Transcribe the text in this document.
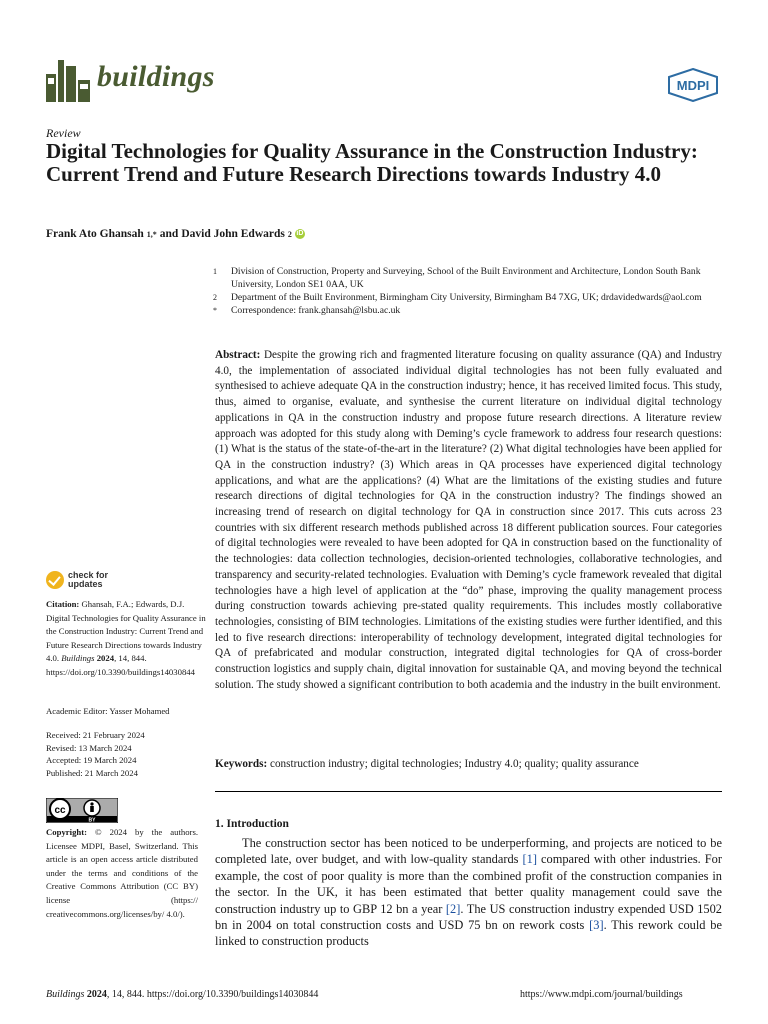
buildings	MDPI
Review
Digital Technologies for Quality Assurance in the Construction Industry: Current Trend and Future Research Directions towards Industry 4.0
Frank Ato Ghansah 1,* and David John Edwards 2 iD
1	Division of Construction, Property and Surveying, School of the Built Environment and Architecture, London South Bank University, London SE1 0AA, UK
2	Department of the Built Environment, Birmingham City University, Birmingham B4 7XG, UK; drdavidedwards@aol.com
*	Correspondence: frank.ghansah@lsbu.ac.uk
Abstract: Despite the growing rich and fragmented literature focusing on quality assurance (QA) and Industry 4.0, the implementation of associated individual digital technologies has not been fully evaluated and synthesised to achieve adequate QA in the construction industry; hence, it has received limited focus. This study, thus, aimed to organise, evaluate, and synthesise the current literature on individual digital technology applications in QA in the construction industry and propose future research directions. A literature review approach was adopted for this study along with Deming’s cycle framework to address four research questions: (1) What is the status of the state-of-the-art in the literature? (2) What digital technologies have been applied for QA in the construction industry? (3) Which areas in QA processes have experienced digital technology applications, and what are the applications? (4) What are the limitations of the existing studies and future research directions of digital technologies for QA in the construction industry? The findings showed an increasing trend of research on digital technology for QA in construction since 2017. This cuts across 23 countries with six different research methods published across 18 different publication sources. Four categories of digital technologies were revealed to have been adopted for QA in construction based on the functionality of the technologies: data collection technologies, decision-oriented technologies, collaborative technologies, and transparency and security-related technologies. Evaluation with Deming’s cycle framework revealed that digital technologies have a high level of application at the “do” phase, improving the quality management process during construction towards achieving pre-stated quality requirements. This includes mostly collaborative technologies, consisting of BIM technologies. Limitations of the existing studies were further identified, and this led to five research directions: interoperability of technology development, integrated digital technologies for QA of prefabricated and modular construction, integrated digital technologies for QA of cross-border construction logistics and supply chain, digital innovation for sustainable QA, and moving beyond the technical solution. The study showed a significant contribution to both academia and the industry in the built environment.
Keywords: construction industry; digital technologies; Industry 4.0; quality; quality assurance
1. Introduction
The construction sector has been noticed to be underperforming, and projects are noticed to be completed late, over budget, and with low-quality standards [1] compared with other industries. For example, the cost of poor quality is more than the combined profit of the construction companies in the sector. In the UK, it has been estimated that better quality management could save the construction industry up to GBP 12 bn a year [2]. The US construction industry expended USD 1502 bn in 2004 on total construction costs and USD 75 bn on rework costs [3]. This rework could be linked to construction products
check for
updates
Citation: Ghansah, F.A.; Edwards, D.J. Digital Technologies for Quality Assurance in the Construction Industry: Current Trend and Future Research Directions towards Industry 4.0. Buildings 2024, 14, 844. https://doi.org/10.3390/buildings14030844
Academic Editor: Yasser Mohamed
Received: 21 February 2024
Revised: 13 March 2024
Accepted: 19 March 2024
Published: 21 March 2024
cc
BY
Copyright: © 2024 by the authors. Licensee MDPI, Basel, Switzerland. This article is an open access article distributed under the terms and conditions of the Creative Commons Attribution (CC BY) license (https:// creativecommons.org/licenses/by/ 4.0/).
Buildings 2024, 14, 844. https://doi.org/10.3390/buildings14030844	https://www.mdpi.com/journal/buildings
